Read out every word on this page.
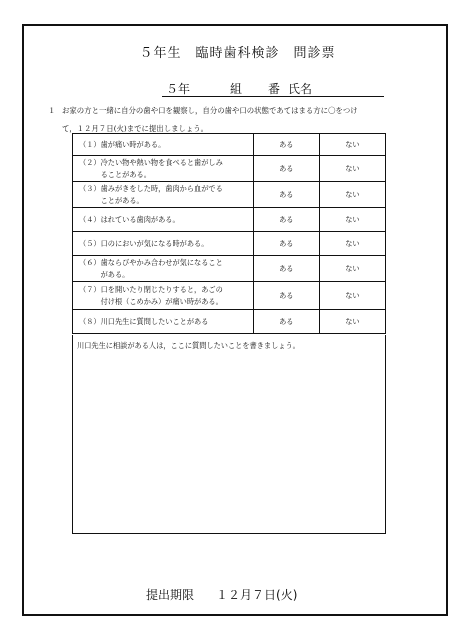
５年生　臨時歯科検診　問診票
５年	組 番 氏名
１ お家の方と一緒に自分の歯や口を観察し，自分の歯や口の状態であてはまる方に〇をつけ
て，１２月７日(火)までに提出しましょう。
（１）歯が痛い時がある。	ある	ない

（２）冷たい物や熱い物を食べると歯がしみ
　　　ることがある。	ある	ない

（３）歯みがきをした時，歯肉から血がでる
　　　ことがある。	ある	ない

（４）はれている歯肉がある。	ある	ない

（５）口のにおいが気になる時がある。	ある	ない

（６）歯ならびやかみ合わせが気になること
　　　がある。	ある	ない

（７）口を開いたり閉じたりすると，あごの
　　　付け根（こめかみ）が痛い時がある。	ある	ない

（８）川口先生に質問したいことがある	ある	ない
川口先生に相談がある人は，ここに質問したいことを書きましょう。
提出期限 １２月７日(火)
